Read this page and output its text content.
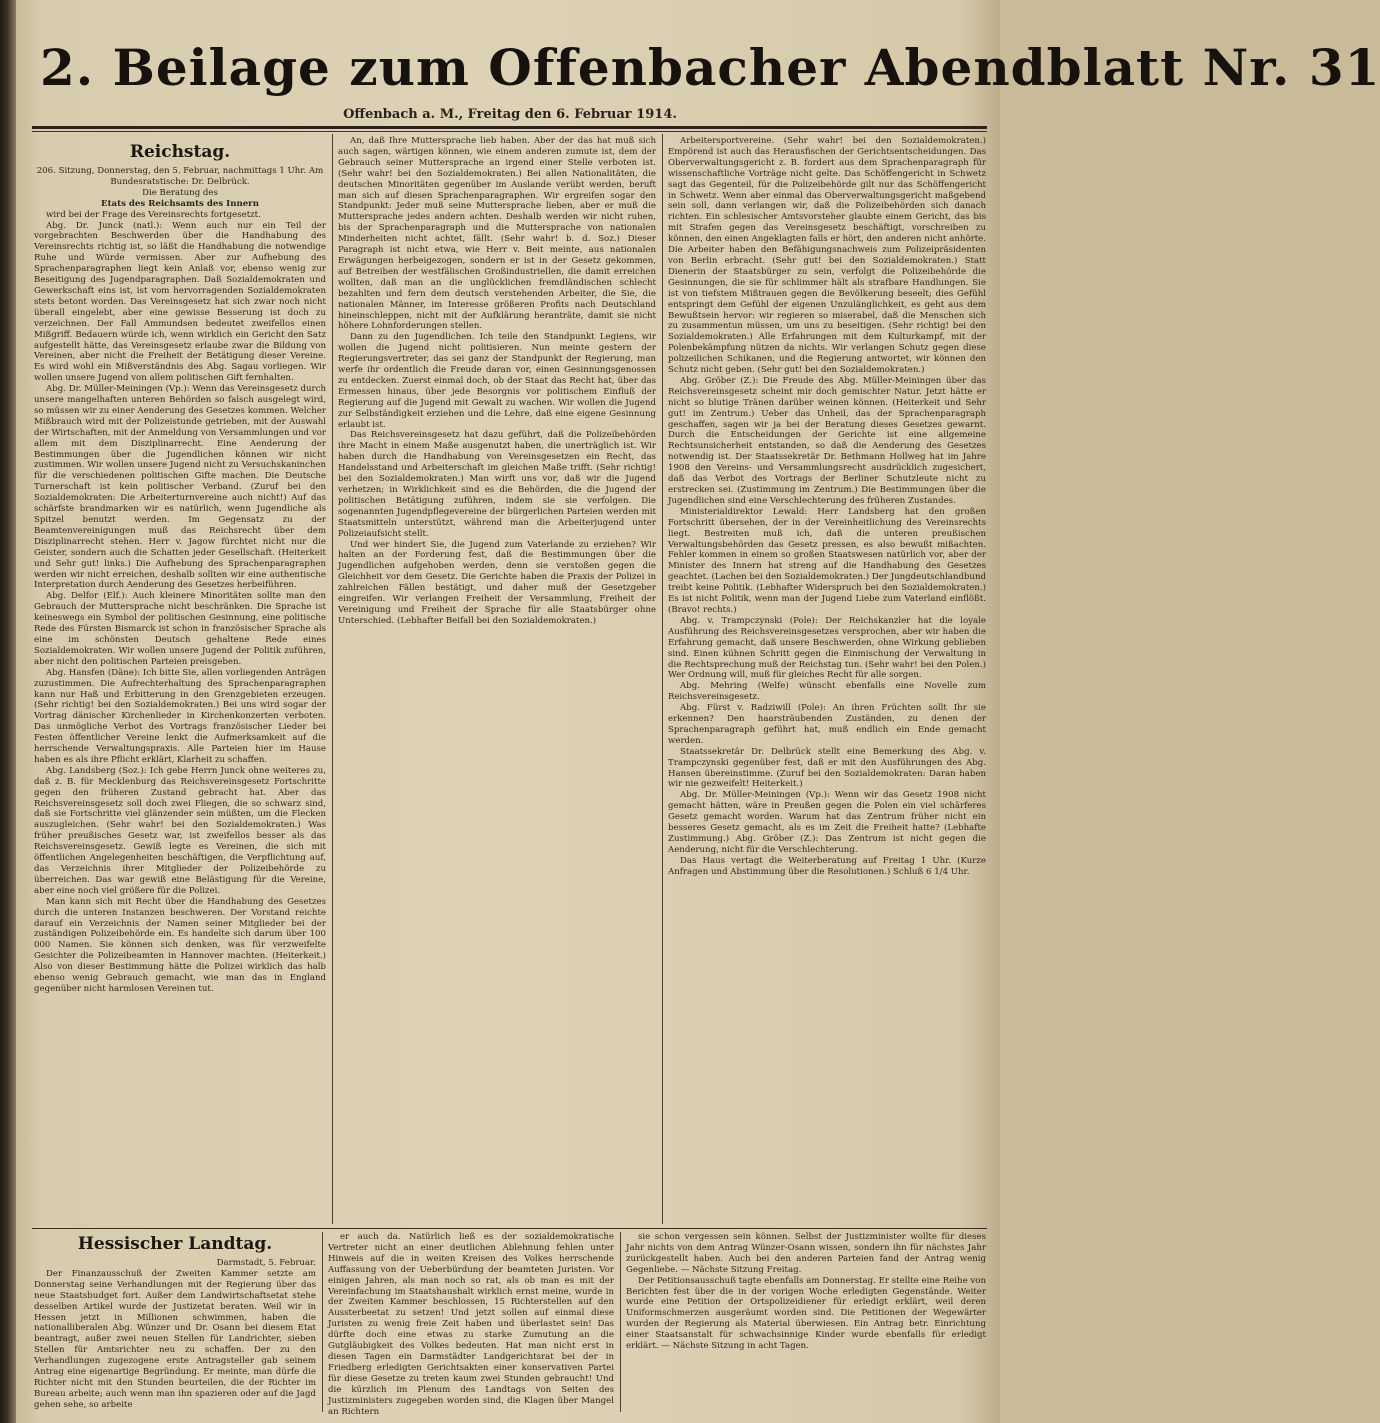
2. Beilage zum Offenbacher Abendblatt Nr. 31
Offenbach a. M., Freitag den 6. Februar 1914.
Reichstag.

206. Sitzung, Donnerstag, den 5. Februar, nachmittags 1 Uhr. Am Bundesratstische: Dr. Delbrück.

Die Beratung des

Etats des Reichsamts des Innern

wird bei der Frage des Vereinsrechts fortgesetzt.

Abg. Dr. Junck (natl.): Wenn auch nur ein Teil der vorgebrachten Beschwerden über die Handhabung des Vereinsrechts richtig ist, so läßt die Handhabung die notwendige Ruhe und Würde vermissen. Aber zur Aufhebung des Sprachenparagraphen liegt kein Anlaß vor, ebenso wenig zur Beseitigung des Jugendparagraphen. Daß Sozialdemokraten und Gewerkschaft eins ist, ist vom hervorragenden Sozialdemokraten stets betont worden. Das Vereinsgesetz hat sich zwar noch nicht überall eingelebt, aber eine gewisse Besserung ist doch zu verzeichnen. Der Fall Ammundsen bedeutet zweifellos einen Mißgriff. Bedauern würde ich, wenn wirklich ein Gericht den Satz aufgestellt hätte, das Vereinsgesetz erlaube zwar die Bildung von Vereinen, aber nicht die Freiheit der Betätigung dieser Vereine. Es wird wohl ein Mißverständnis des Abg. Sagau vorliegen. Wir wollen unsere Jugend von allem politischen Gift fernhalten.

Abg. Dr. Müller-Meiningen (Vp.): Wenn das Vereinsgesetz durch unsere mangelhaften unteren Behörden so falsch ausgelegt wird, so müssen wir zu einer Aenderung des Gesetzes kommen. Welcher Mißbrauch wird mit der Polizeistunde getrieben, mit der Auswahl der Wirtschaften, mit der Anmeldung von Versammlungen und vor allem mit dem Disziplinarrecht. Eine Aenderung der Bestimmungen über die Jugendlichen können wir nicht zustimmen. Wir wollen unsere Jugend nicht zu Versuchskaninchen für die verschiedenen politischen Gifte machen. Die Deutsche Turnerschaft ist kein politischer Verband. (Zuruf bei den Sozialdemokraten: Die Arbeiterturnvereine auch nicht!) Auf das schärfste brandmarken wir es natürlich, wenn Jugendliche als Spitzel benutzt werden. Im Gegensatz zu der Beamtenvereinigungen muß das Reichsrecht über dem Disziplinarrecht stehen. Herr v. Jagow fürchtet nicht nur die Geister, sondern auch die Schatten jeder Gesellschaft. (Heiterkeit und Sehr gut! links.) Die Aufhebung des Sprachenparagraphen werden wir nicht erreichen, deshalb sollten wir eine authentische Interpretation durch Aenderung des Gesetzes herbeiführen.

Abg. Delfor (Elf.): Auch kleinere Minoritäten sollte man den Gebrauch der Muttersprache nicht beschränken. Die Sprache ist keineswegs ein Symbol der politischen Gesinnung, eine politische Rede des Fürsten Bismarck ist schon in französischer Sprache als eine im schönsten Deutsch gehaltene Rede eines Sozialdemokraten. Wir wollen unsere Jugend der Politik zuführen, aber nicht den politischen Parteien preisgeben.

Abg. Hansfen (Däne): Ich bitte Sie, allen vorliegenden Anträgen zuzustimmen. Die Aufrechterhaltung des Sprachenparagraphen kann nur Haß und Erbitterung in den Grenzgebieten erzeugen. (Sehr richtig! bei den Sozialdemokraten.) Bei uns wird sogar der Vortrag dänischer Kirchenlieder in Kirchenkonzerten verboten. Das unmögliche Verbot des Vortrags französischer Lieder bei Festen öffentlicher Vereine lenkt die Aufmerksamkeit auf die herrschende Verwaltungspraxis. Alle Parteien hier im Hause haben es als ihre Pflicht erklärt, Klarheit zu schaffen.

Abg. Landsberg (Soz.): Ich gebe Herrn Junck ohne weiteres zu, daß z. B. für Mecklenburg das Reichsvereinsgesetz Fortschritte gegen den früheren Zustand gebracht hat. Aber das Reichsvereinsgesetz soll doch zwei Fliegen, die so schwarz sind, daß sie Fortschritte viel glänzender sein müßten, um die Flecken auszugleichen. (Sehr wahr! bei den Sozialdemokraten.) Was früher preußisches Gesetz war, ist zweifellos besser als das Reichsvereinsgesetz. Gewiß legte es Vereinen, die sich mit öffentlichen Angelegenheiten beschäftigen, die Verpflichtung auf, das Verzeichnis ihrer Mitglieder der Polizeibehörde zu überreichen. Das war gewiß eine Belästigung für die Vereine, aber eine noch viel größere für die Polizei.

Man kann sich mit Recht über die Handhabung des Gesetzes durch die unteren Instanzen beschweren. Der Vorstand reichte darauf ein Verzeichnis der Namen seiner Mitglieder bei der zuständigen Polizeibehörde ein. Es handelte sich darum über 100 000 Namen. Sie können sich denken, was für verzweifelte Gesichter die Polizeibeamten in Hannover machten. (Heiterkeit.) Also von dieser Bestimmung hätte die Polizei wirklich das halb ebenso wenig Gebrauch gemacht, wie man das in England gegenüber nicht harmlosen Vereinen tut.

An, daß Ihre Muttersprache lieb haben. Aber der das hat muß sich auch sagen, wärtigen können, wie einem anderen zumute ist, dem der Gebrauch seiner Muttersprache an irgend einer Stelle verboten ist. (Sehr wahr! bei den Sozialdemokraten.) Bei allen Nationalitäten, die deutschen Minoritäten gegenüber im Auslande verübt werden, beruft man sich auf diesen Sprachenparagraphen. Wir ergreifen sogar den Standpunkt: Jeder muß seine Muttersprache lieben, aber er muß die Muttersprache jedes andern achten. Deshalb werden wir nicht ruhen, bis der Sprachenparagraph und die Muttersprache von nationalen Minderheiten nicht achtet, fällt. (Sehr wahr! b. d. Soz.) Dieser Paragraph ist nicht etwa, wie Herr v. Beit meinte, aus nationalen Erwägungen herbeigezogen, sondern er ist in der Gesetz gekommen, auf Betreiben der westfälischen Großindustriellen, die damit erreichen wollten, daß man an die unglücklichen fremdländischen schlecht bezahlten und fern dem deutsch verstehenden Arbeiter, die Sie, die nationalen Männer, im Interesse größeren Profits nach Deutschland hineinschleppen, nicht mit der Aufklärung heranträte, damit sie nicht höhere Lohnforderungen stellen.

Dann zu den Jugendlichen. Ich teile den Standpunkt Legiens, wir wollen die Jugend nicht politisieren. Nun meinte gestern der Regierungsvertreter, das sei ganz der Standpunkt der Regierung, man werfe ihr ordentlich die Freude daran vor, einen Gesinnungsgenossen zu entdecken. Zuerst einmal doch, ob der Staat das Recht hat, über das Ermessen hinaus, über jede Besorgnis vor politischem Einfluß der Regierung auf die Jugend mit Gewalt zu wachen. Wir wollen die Jugend zur Selbständigkeit erziehen und die Lehre, daß eine eigene Gesinnung erlaubt ist.

Das Reichsvereinsgesetz hat dazu geführt, daß die Polizeibehörden ihre Macht in einem Maße ausgenutzt haben, die unerträglich ist. Wir haben durch die Handhabung von Vereinsgesetzen ein Recht, das Handelsstand und Arbeiterschaft im gleichen Maße trifft. (Sehr richtig! bei den Sozialdemokraten.) Man wirft uns vor, daß wir die Jugend verhetzen; in Wirklichkeit sind es die Behörden, die die Jugend der politischen Betätigung zuführen, indem sie sie verfolgen. Die sogenannten Jugendpflegevereine der bürgerlichen Parteien werden mit Staatsmitteln unterstützt, während man die Arbeiterjugend unter Polizeiaufsicht stellt.

Und wer hindert Sie, die Jugend zum Vaterlande zu erziehen? Wir halten an der Forderung fest, daß die Bestimmungen über die Jugendlichen aufgehoben werden, denn sie verstoßen gegen die Gleichheit vor dem Gesetz. Die Gerichte haben die Praxis der Polizei in zahlreichen Fällen bestätigt, und daher muß der Gesetzgeber eingreifen. Wir verlangen Freiheit der Versammlung, Freiheit der Vereinigung und Freiheit der Sprache für alle Staatsbürger ohne Unterschied. (Lebhafter Beifall bei den Sozialdemokraten.)

Arbeitersportvereine. (Sehr wahr! bei den Sozialdemokraten.) Empörend ist auch das Herausfischen der Gerichtsentscheidungen. Das Oberverwaltungsgericht z. B. fordert aus dem Sprachenparagraph für wissenschaftliche Vorträge nicht gelte. Das Schöffengericht in Schwetz sagt das Gegenteil, für die Polizeibehörde gilt nur das Schöffengericht in Schwetz. Wenn aber einmal das Oberverwaltungsgericht maßgebend sein soll, dann verlangen wir, daß die Polizeibehörden sich danach richten. Ein schlesischer Amtsvorsteher glaubte einem Gericht, das bis mit Strafen gegen das Vereinsgesetz beschäftigt, vorschreiben zu können, den einen Angeklagten falls er hört, den anderen nicht anhörte. Die Arbeiter haben den Befähigungsnachweis zum Polizeipräsidenten von Berlin erbracht. (Sehr gut! bei den Sozialdemokraten.) Statt Dienerin der Staatsbürger zu sein, verfolgt die Polizeibehörde die Gesinnungen, die sie für schlimmer hält als strafbare Handlungen. Sie ist von tiefstem Mißtrauen gegen die Bevölkerung beseelt; dies Gefühl entspringt dem Gefühl der eigenen Unzulänglichkeit, es geht aus dem Bewußtsein hervor: wir regieren so miserabel, daß die Menschen sich zu zusammentun müssen, um uns zu beseitigen. (Sehr richtig! bei den Sozialdemokraten.) Alle Erfahrungen mit dem Kulturkampf, mit der Polenbekämpfung nützen da nichts. Wir verlangen Schutz gegen diese polizeilichen Schikanen, und die Regierung antwortet, wir können den Schutz nicht geben. (Sehr gut! bei den Sozialdemokraten.)

Abg. Gröber (Z.): Die Freude des Abg. Müller-Meiningen über das Reichsvereinsgesetz scheint mir doch gemischter Natur. Jetzt hätte er nicht so blutige Tränen darüber weinen können. (Heiterkeit und Sehr gut! im Zentrum.) Ueber das Unheil, das der Sprachenparagraph geschaffen, sagen wir ja bei der Beratung dieses Gesetzes gewarnt. Durch die Entscheidungen der Gerichte ist eine allgemeine Rechtsunsicherheit entstanden, so daß die Aenderung des Gesetzes notwendig ist. Der Staatssekretär Dr. Bethmann Hollweg hat im Jahre 1908 den Vereins- und Versammlungsrecht ausdrücklich zugesichert, daß das Verbot des Vortrags der Berliner Schutzleute nicht zu erstrecken sei. (Zustimmung im Zentrum.) Die Bestimmungen über die Jugendlichen sind eine Verschlechterung des früheren Zustandes.

Ministerialdirektor Lewald: Herr Landsberg hat den großen Fortschritt übersehen, der in der Vereinheitlichung des Vereinsrechts liegt. Bestreiten muß ich, daß die unteren preußischen Verwaltungsbehörden das Gesetz pressen, es also bewußt mißachten. Fehler kommen in einem so großen Staatswesen natürlich vor, aber der Minister des Innern hat streng auf die Handhabung des Gesetzes geachtet. (Lachen bei den Sozialdemokraten.) Der Jungdeutschlandbund treibt keine Politik. (Lebhafter Widerspruch bei den Sozialdemokraten.) Es ist nicht Politik, wenn man der Jugend Liebe zum Vaterland einflößt. (Bravo! rechts.)

Abg. v. Trampczynski (Pole): Der Reichskanzler hat die loyale Ausführung des Reichsvereinsgesetzes versprochen, aber wir haben die Erfahrung gemacht, daß unsere Beschwerden, ohne Wirkung geblieben sind. Einen kühnen Schritt gegen die Einmischung der Verwaltung in die Rechtsprechung muß der Reichstag tun. (Sehr wahr! bei den Polen.) Wer Ordnung will, muß für gleiches Recht für alle sorgen.

Abg. Mehring (Welfe) wünscht ebenfalls eine Novelle zum Reichsvereinsgesetz.

Abg. Fürst v. Radziwill (Pole): An ihren Früchten sollt Ihr sie erkennen? Den haarsträubenden Zuständen, zu denen der Sprachenparagraph geführt hat, muß endlich ein Ende gemacht werden.

Staatssekretär Dr. Delbrück stellt eine Bemerkung des Abg. v. Trampczynski gegenüber fest, daß er mit den Ausführungen des Abg. Hansen übereinstimme. (Zuruf bei den Sozialdemokraten: Daran haben wir nie gezweifelt! Heiterkeit.)

Abg. Dr. Müller-Meiningen (Vp.): Wenn wir das Gesetz 1908 nicht gemacht hätten, wäre in Preußen gegen die Polen ein viel schärferes Gesetz gemacht worden. Warum hat das Zentrum früher nicht ein besseres Gesetz gemacht, als es im Zeit die Freiheit hatte? (Lebhafte Zustimmung.) Abg. Gröber (Z.): Das Zentrum ist nicht gegen die Aenderung, nicht für die Verschlechterung.

Das Haus vertagt die Weiterberatung auf Freitag 1 Uhr. (Kurze Anfragen und Abstimmung über die Resolutionen.) Schluß 6 1/4 Uhr.

Hessischer Landtag.

Darmstadt, 5. Februar.

Der Finanzausschuß der Zweiten Kammer setzte am Donnerstag seine Verhandlungen mit der Regierung über das neue Staatsbudget fort. Außer dem Landwirtschaftsetat stehe desselben Artikel wurde der Justizetat beraten. Weil wir in Hessen jetzt in Millionen schwimmen, haben die nationalliberalen Abg. Wünzer und Dr. Osann bei diesem Etat beantragt, außer zwei neuen Stellen für Landrichter, sieben Stellen für Amtsrichter neu zu schaffen. Der zu den Verhandlungen zugezogene erste Antragsteller gab seinem Antrag eine eigenartige Begründung. Er meinte, man dürfe die Richter nicht mit den Stunden beurteilen, die der Richter im Bureau arbeite; auch wenn man ihn spazieren oder auf die Jagd gehen sehe, so arbeite

er auch da. Natürlich ließ es der sozialdemokratische Vertreter nicht an einer deutlichen Ablehnung fehlen unter Hinweis auf die in weiten Kreisen des Volkes herrschende Auffassung von der Ueberbürdung der beamteten Juristen. Vor einigen Jahren, als man noch so rat, als ob man es mit der Vereinfachung im Staatshaushalt wirklich ernst meine, wurde in der Zweiten Kammer beschlossen, 15 Richterstellen auf den Aussterbeetat zu setzen! Und jetzt sollen auf einmal diese Juristen zu wenig freie Zeit haben und überlastet sein! Das dürfte doch eine etwas zu starke Zumutung an die Gutgläubigkeit des Volkes bedeuten. Hat man nicht erst in diesen Tagen ein Darmstädter Landgerichtsrat bei der in Friedberg erledigten Gerichtsakten einer konservativen Partei für diese Gesetze zu treten kaum zwei Stunden gebraucht! Und die kürzlich im Plenum des Landtags von Seiten des Justizministers zugegeben worden sind, die Klagen über Mangel an Richtern

sie schon vergessen sein können. Selbst der Justizminister wollte für dieses Jahr nichts von dem Antrag Wünzer-Osann wissen, sondern ihn für nächstes Jahr zurückgestellt haben. Auch bei den anderen Parteien fand der Antrag wenig Gegenliebe. — Nächste Sitzung Freitag.

Der Petitionsausschuß tagte ebenfalls am Donnerstag. Er stellte eine Reihe von Berichten fest über die in der vorigen Woche erledigten Gegenstände. Weiter wurde eine Petition der Ortspolizeidiener für erledigt erklärt, weil deren Uniformschmerzen ausgeräumt worden sind. Die Petitionen der Wegewärter wurden der Regierung als Material überwiesen. Ein Antrag betr. Einrichtung einer Staatsanstalt für schwachsinnige Kinder wurde ebenfalls für erledigt erklärt. — Nächste Sitzung in acht Tagen.
